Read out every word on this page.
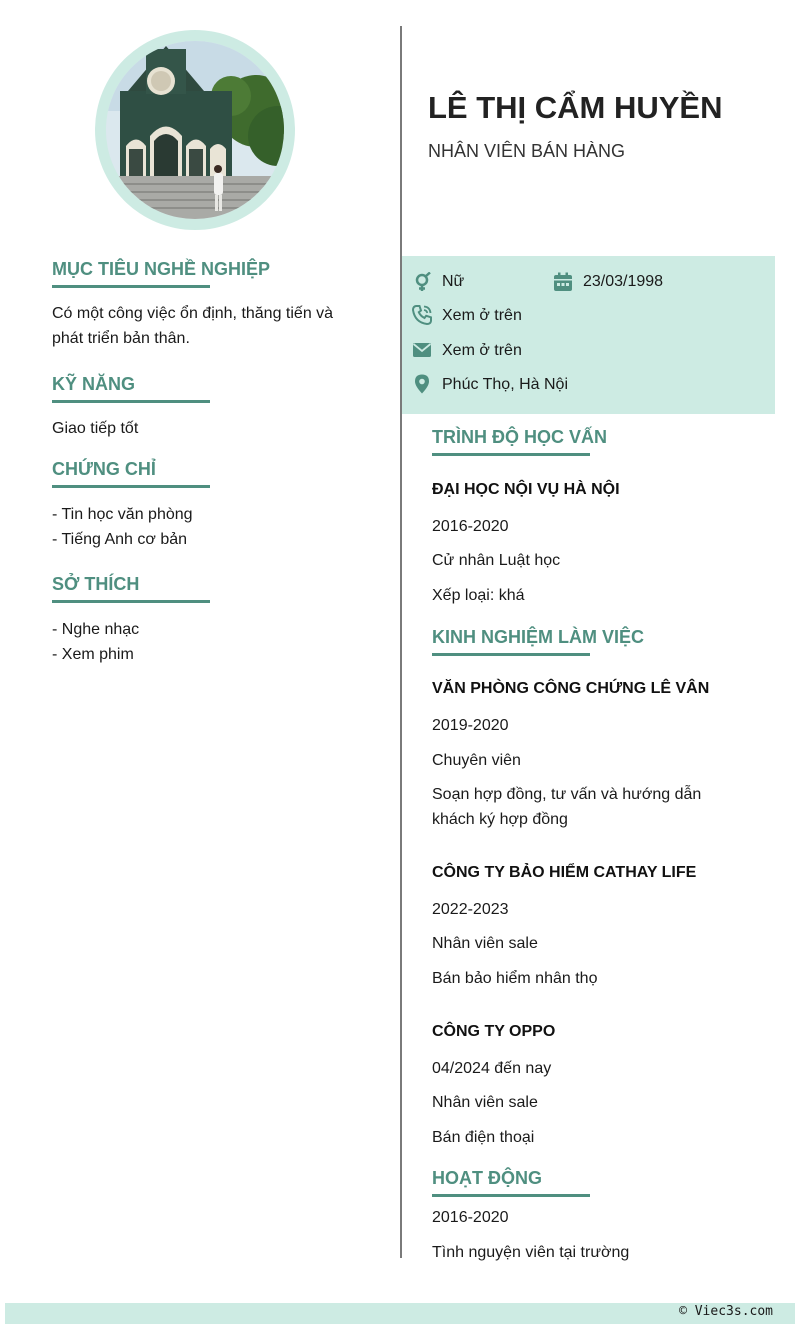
LÊ THỊ CẨM HUYỀN
NHÂN VIÊN BÁN HÀNG
Nữ	23/03/1998
Xem ở trên
Xem ở trên
Phúc Thọ, Hà Nội
MỤC TIÊU NGHỀ NGHIỆP
Có một công việc ổn định, thăng tiến và
phát triển bản thân.
KỸ NĂNG
Giao tiếp tốt
CHỨNG CHỈ
- Tin học văn phòng
- Tiếng Anh cơ bản
SỞ THÍCH
- Nghe nhạc
- Xem phim
TRÌNH ĐỘ HỌC VẤN
ĐẠI HỌC NỘI VỤ HÀ NỘI
2016-2020
Cử nhân Luật học
Xếp loại: khá
KINH NGHIỆM LÀM VIỆC
VĂN PHÒNG CÔNG CHỨNG LÊ VÂN
2019-2020
Chuyên viên
Soạn hợp đồng, tư vấn và hướng dẫn
khách ký hợp đồng
CÔNG TY BẢO HIỂM CATHAY LIFE
2022-2023
Nhân viên sale
Bán bảo hiểm nhân thọ
CÔNG TY OPPO
04/2024 đến nay
Nhân viên sale
Bán điện thoại
HOẠT ĐỘNG
2016-2020
Tình nguyện viên tại trường
© Viec3s.com
